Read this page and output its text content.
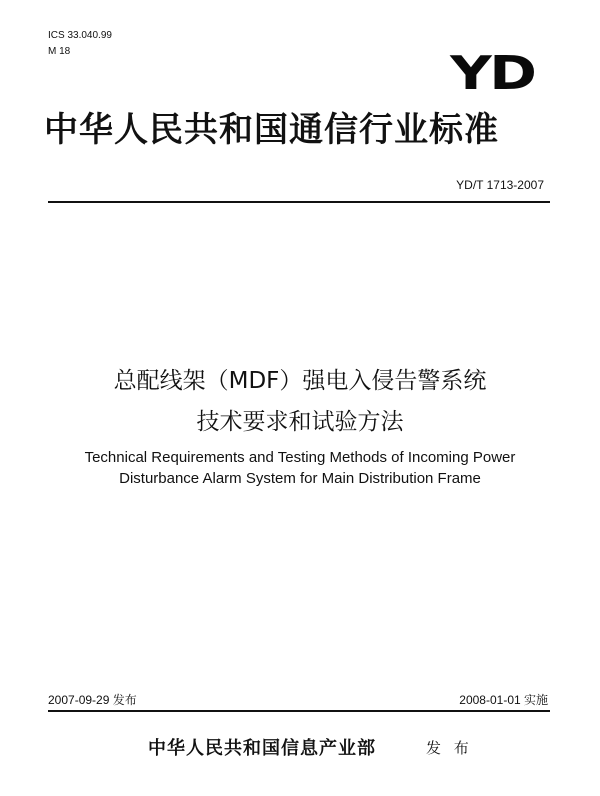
ICS 33.040.99
M 18	YD
中华人民共和国通信行业标准
YD/T 1713-2007
总配线架（MDF）强电入侵告警系统
技术要求和试验方法
Technical Requirements and Testing Methods of Incoming Power
Disturbance Alarm System for Main Distribution Frame
2007-09-29 发布	2008-01-01 实施
中华人民共和国信息产业部	发 布
